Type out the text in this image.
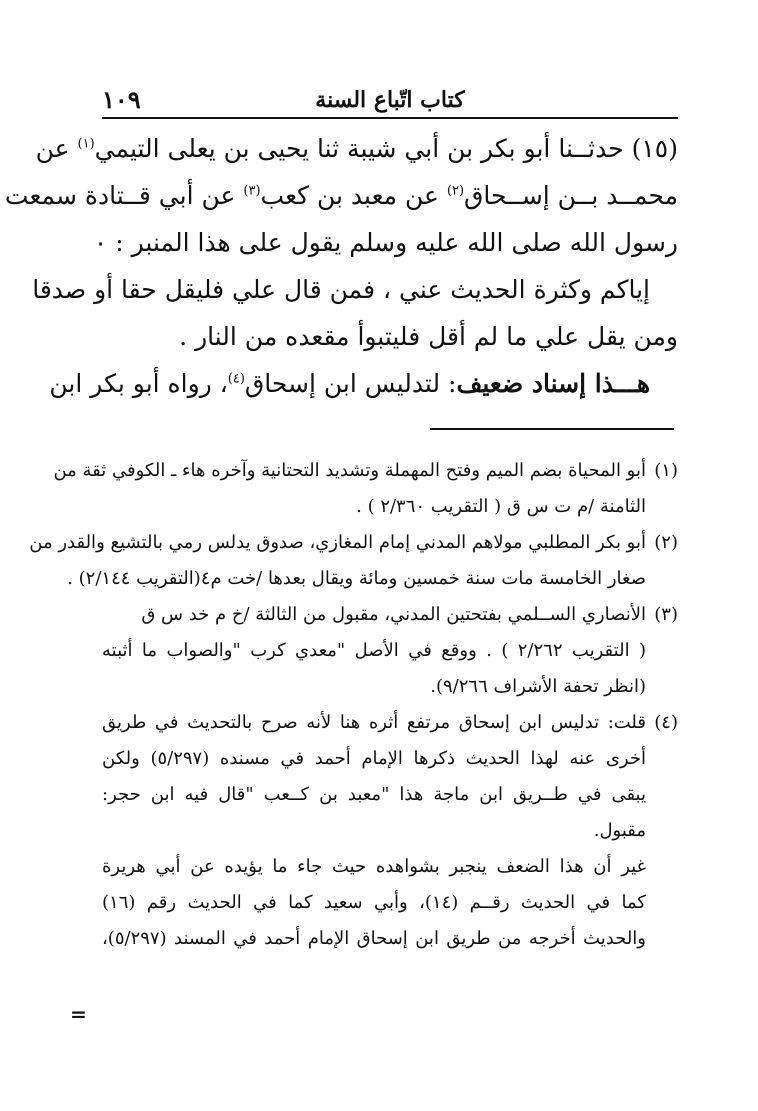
كتاب اتّباع السنة
١٠٩
(١٥) حدثــنا أبو بكر بن أبي شيبة ثنا يحيى بن يعلى التيمي$^{(١)}$ عن
محمــد بــن إســحاق$^{(٢)}$ عن معبد بن كعب$^{(٣)}$ عن أبي قــتادة سمعت
رسول الله صلى الله عليه وسلم يقول على هذا المنبر : ٠
إياكم وكثرة الحديث عني ، فمن قال علي فليقل حقا أو صدقا
ومن يقل علي ما لم أقل فليتبوأ مقعده من النار .
هـــذا إسناد ضعيف: لتدليس ابن إسحاق$^{(٤)}$، رواه أبو بكر ابن
(١)
أبو المحياة بضم الميم وفتح المهملة وتشديد التحتانية وآخره هاء ـ الكوفي ثقة من
الثامنة /م ت س ق ( التقريب ٢/٣٦٠ ) .
(٢)
أبو بكر المطلبي مولاهم المدني إمام المغازي، صدوق يدلس رمي بالتشيع والقدر من
صغار الخامسة مات سنة خمسين ومائة ويقال بعدها /خت م٤(التقريب ٢/١٤٤) .
(٣)
الأنصاري الســلمي بفتحتين المدني، مقبول من الثالثة /خ م خد س ق
( التقريب ٢/٢٦٢ ) . ووقع في الأصل "معدي كرب "والصواب ما أثبته
(انظر تحفة الأشراف ٩/٢٦٦).
(٤)
قلت: تدليس ابن إسحاق مرتفع أثره هنا لأنه صرح بالتحديث في طريق
أخرى عنه لهذا الحديث ذكرها الإمام أحمد في مسنده (٥/٢٩٧) ولكن
يبقى في طــريق ابن ماجة هذا "معبد بن كــعب "قال فيه ابن حجر:
مقبول.
غير أن هذا الضعف ينجبر بشواهده حيث جاء ما يؤيده عن أبي هريرة
كما في الحديث رقــم (١٤)، وأبي سعيد كما في الحديث رقم (١٦)
والحديث أخرجه من طريق ابن إسحاق الإمام أحمد في المسند (٥/٢٩٧)،
=
